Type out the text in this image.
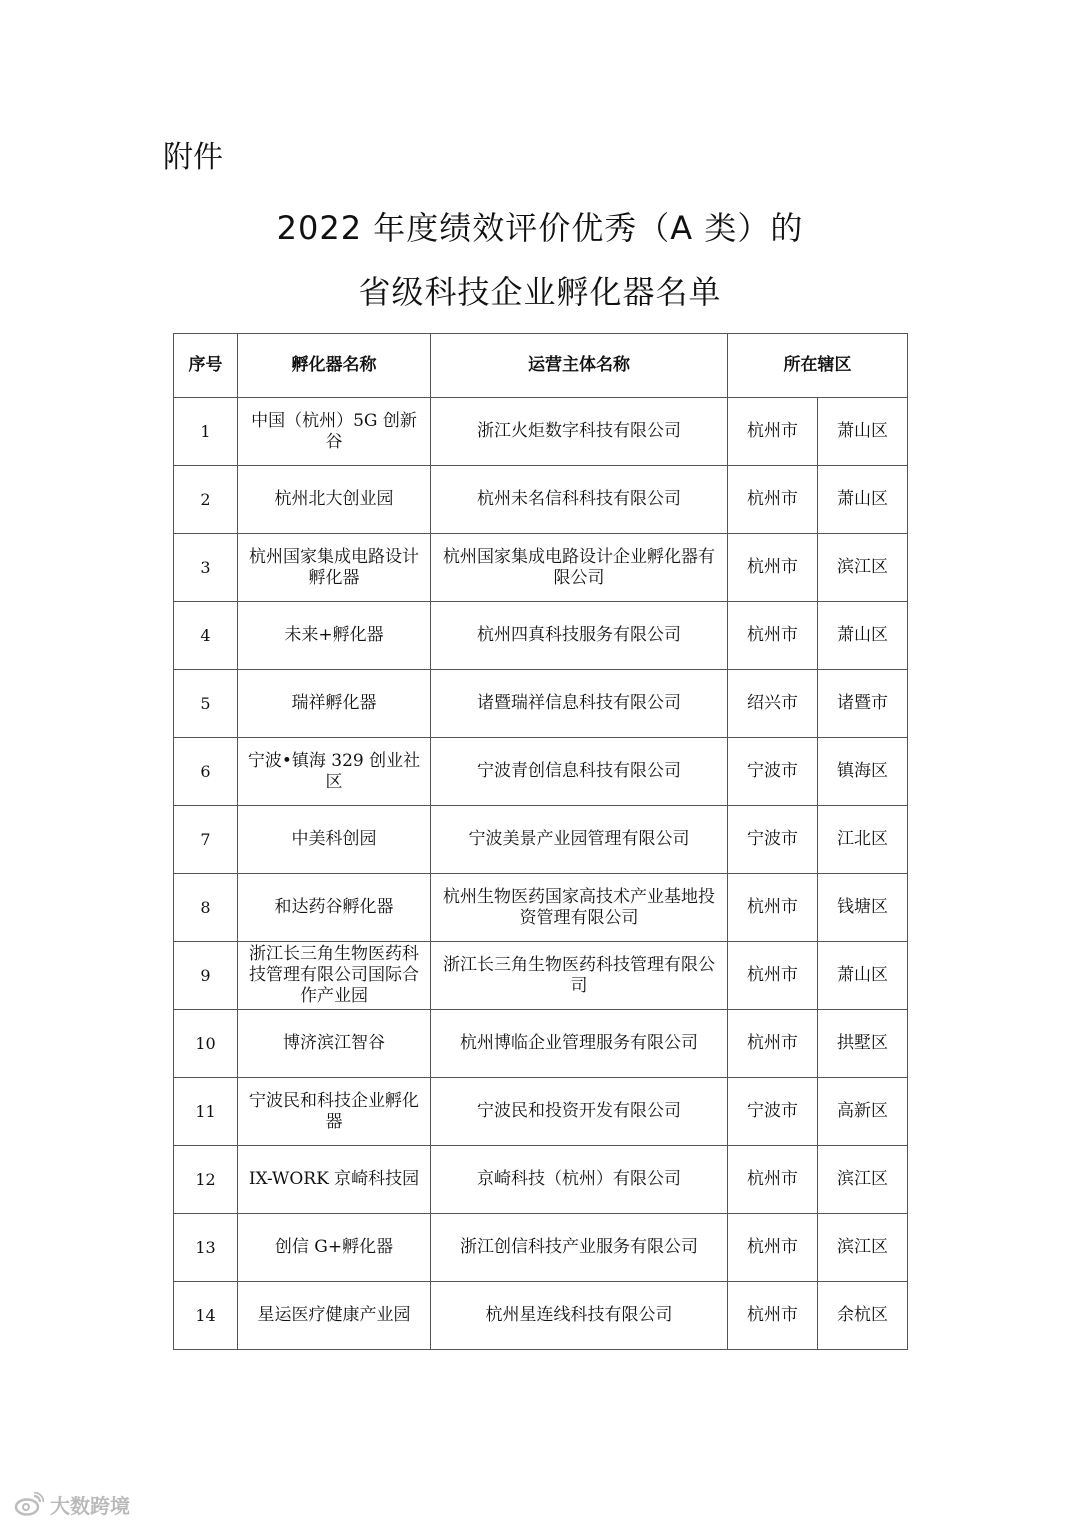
附件
2022 年度绩效评价优秀（A 类）的
省级科技企业孵化器名单
序号	孵化器名称	运营主体名称	所在辖区	
1	中国（杭州）5G 创新谷	浙江火炬数字科技有限公司	杭州市	萧山区
2	杭州北大创业园	杭州未名信科科技有限公司	杭州市	萧山区
3	杭州国家集成电路设计孵化器	杭州国家集成电路设计企业孵化器有限公司	杭州市	滨江区
4	未来+孵化器	杭州四真科技服务有限公司	杭州市	萧山区
5	瑞祥孵化器	诸暨瑞祥信息科技有限公司	绍兴市	诸暨市
6	宁波•镇海 329 创业社区	宁波青创信息科技有限公司	宁波市	镇海区
7	中美科创园	宁波美景产业园管理有限公司	宁波市	江北区
8	和达药谷孵化器	杭州生物医药国家高技术产业基地投资管理有限公司	杭州市	钱塘区
9	浙江长三角生物医药科技管理有限公司国际合作产业园	浙江长三角生物医药科技管理有限公司	杭州市	萧山区
10	博济滨江智谷	杭州博临企业管理服务有限公司	杭州市	拱墅区
11	宁波民和科技企业孵化器	宁波民和投资开发有限公司	宁波市	高新区
12	IX-WORK 京崎科技园	京崎科技（杭州）有限公司	杭州市	滨江区
13	创信 G+孵化器	浙江创信科技产业服务有限公司	杭州市	滨江区
14	星运医疗健康产业园	杭州星连线科技有限公司	杭州市	余杭区
大数跨境
